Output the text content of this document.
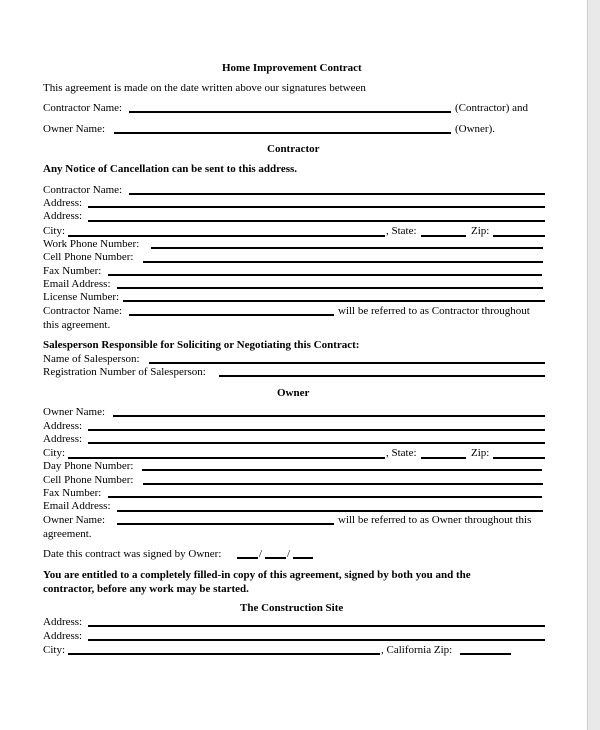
Home Improvement Contract
This agreement is made on the date written above our signatures between
Contractor Name:	(Contractor) and
Owner Name:	(Owner).
Contractor
Any Notice of Cancellation can be sent to this address.
Contractor Name:
Address:
Address:
City:	, State:	Zip:
Work Phone Number:
Cell Phone Number:
Fax Number:
Email Address:
License Number:
Contractor Name:	will be referred to as Contractor throughout
this agreement.
Salesperson Responsible for Soliciting or Negotiating this Contract:
Name of Salesperson:
Registration Number of Salesperson:
Owner
Owner Name:
Address:
Address:
City:	, State:	Zip:
Day Phone Number:
Cell Phone Number:
Fax Number:
Email Address:
Owner Name:	will be referred to as Owner throughout this
agreement.
Date this contract was signed by Owner:	/ /
You are entitled to a completely filled-in copy of this agreement, signed by both you and the
contractor, before any work may be started.
The Construction Site
Address:
Address:
City:	, California Zip:
